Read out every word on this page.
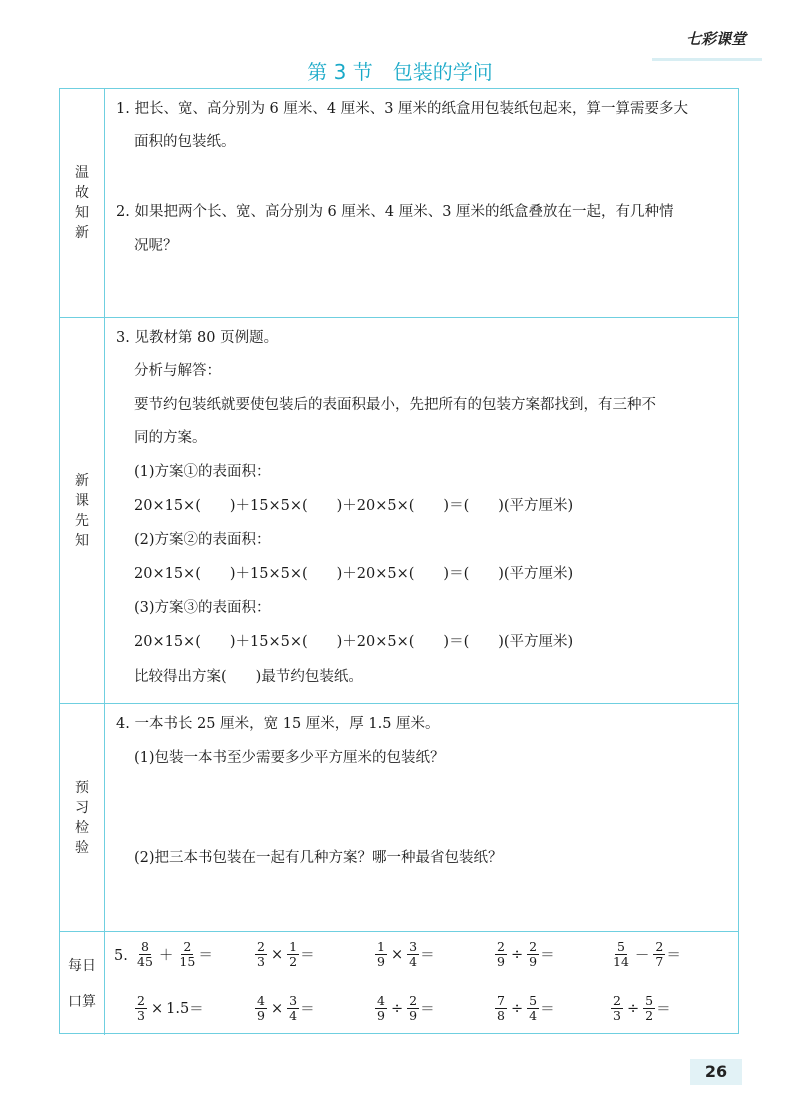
七彩课堂
第 3 节　包装的学问
温故知新
1. 把长、宽、高分别为 6 厘米、4 厘米、3 厘米的纸盒用包装纸包起来，算一算需要多大
面积的包装纸。
2. 如果把两个长、宽、高分别为 6 厘米、4 厘米、3 厘米的纸盒叠放在一起，有几种情
况呢？
新课先知
3. 见教材第 80 页例题。
分析与解答：
要节约包装纸就要使包装后的表面积最小，先把所有的包装方案都找到，有三种不
同的方案。
(1)方案①的表面积：
20×15×(　　)＋15×5×(　　)＋20×5×(　　)＝(　　)(平方厘米)
(2)方案②的表面积：
20×15×(　　)＋15×5×(　　)＋20×5×(　　)＝(　　)(平方厘米)
(3)方案③的表面积：
20×15×(　　)＋15×5×(　　)＋20×5×(　　)＝(　　)(平方厘米)
比较得出方案(　　)最节约包装纸。
预习检验
4. 一本书长 25 厘米，宽 15 厘米，厚 1.5 厘米。
(1)包装一本书至少需要多少平方厘米的包装纸？
(2)把三本书包装在一起有几种方案？哪一种最省包装纸？
每日
口算
5. $\frac{8}{45} + \frac{2}{15}$ ＝	$\frac{2}{3} \times \frac{1}{2}$ ＝	$\frac{1}{9} \times \frac{3}{4}$ ＝	$\frac{2}{9} \div \frac{2}{9}$ ＝	$\frac{5}{14} - \frac{2}{7}$ ＝
$\frac{2}{3} \times 1.5$ ＝	$\frac{4}{9} \times \frac{3}{4}$ ＝	$\frac{4}{9} \div \frac{2}{9}$ ＝	$\frac{7}{8} \div \frac{5}{4}$ ＝	$\frac{2}{3} \div \frac{5}{2}$ ＝
26
